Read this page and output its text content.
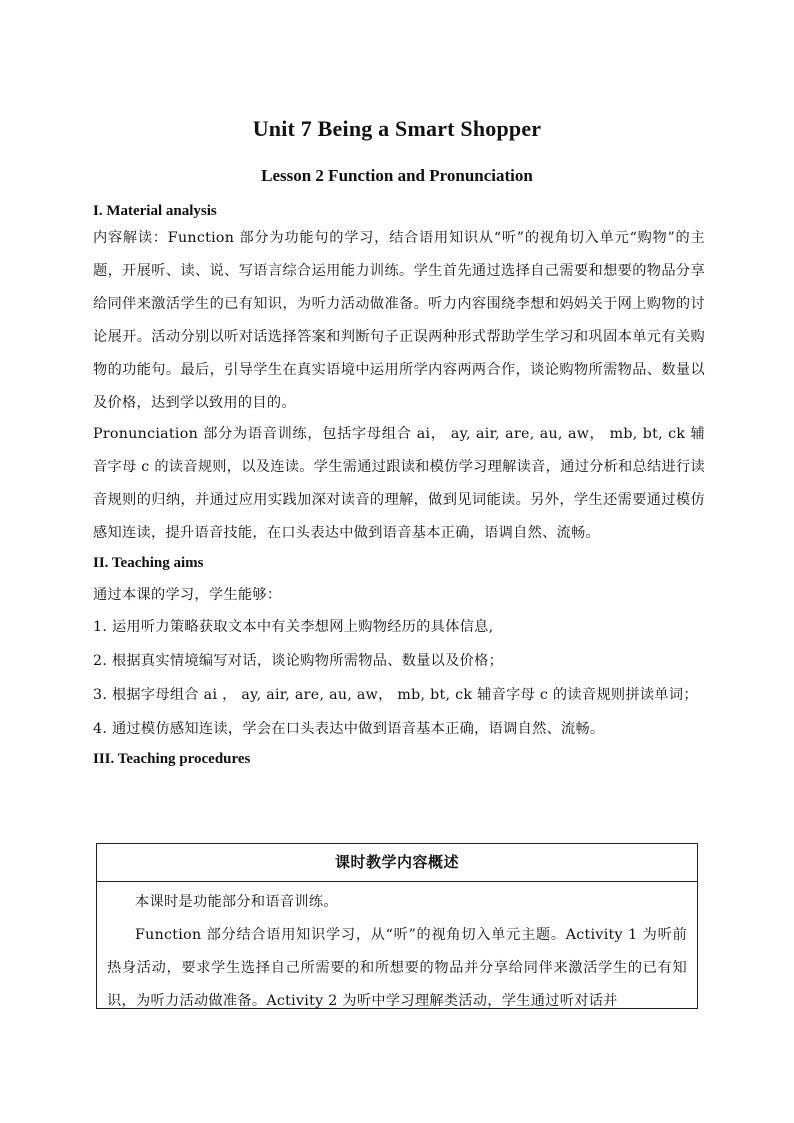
Unit 7 Being a Smart Shopper
Lesson 2 Function and Pronunciation
I. Material analysis
内容解读：Function 部分为功能句的学习，结合语用知识从“听”的视角切入单元“购物”的主题，开展听、读、说、写语言综合运用能力训练。学生首先通过选择自己需要和想要的物品分享给同伴来激活学生的已有知识，为听力活动做准备。听力内容围绕李想和妈妈关于网上购物的讨论展开。活动分别以听对话选择答案和判断句子正误两种形式帮助学生学习和巩固本单元有关购物的功能句。最后，引导学生在真实语境中运用所学内容两两合作，谈论购物所需物品、数量以及价格，达到学以致用的目的。
Pronunciation 部分为语音训练，包括字母组合 ai， ay, air, are, au, aw， mb, bt, ck 辅音字母 c 的读音规则，以及连读。学生需通过跟读和模仿学习理解读音，通过分析和总结进行读音规则的归纳，并通过应用实践加深对读音的理解，做到见词能读。另外，学生还需要通过模仿感知连读，提升语音技能，在口头表达中做到语音基本正确，语调自然、流畅。
II. Teaching aims
通过本课的学习，学生能够：
1. 运用听力策略获取文本中有关李想网上购物经历的具体信息,
2. 根据真实情境编写对话，谈论购物所需物品、数量以及价格；
3. 根据字母组合 ai ， ay, air, are, au, aw， mb, bt, ck 辅音字母 c 的读音规则拼读单词；
4. 通过模仿感知连读，学会在口头表达中做到语音基本正确，语调自然、流畅。
III. Teaching procedures
课时教学内容概述

本课时是功能部分和语音训练。

Function 部分结合语用知识学习，从“听”的视角切入单元主题。Activity 1 为听前热身活动，要求学生选择自己所需要的和所想要的物品并分享给同伴来激活学生的已有知识，为听力活动做准备。Activity 2 为听中学习理解类活动，学生通过听对话并
